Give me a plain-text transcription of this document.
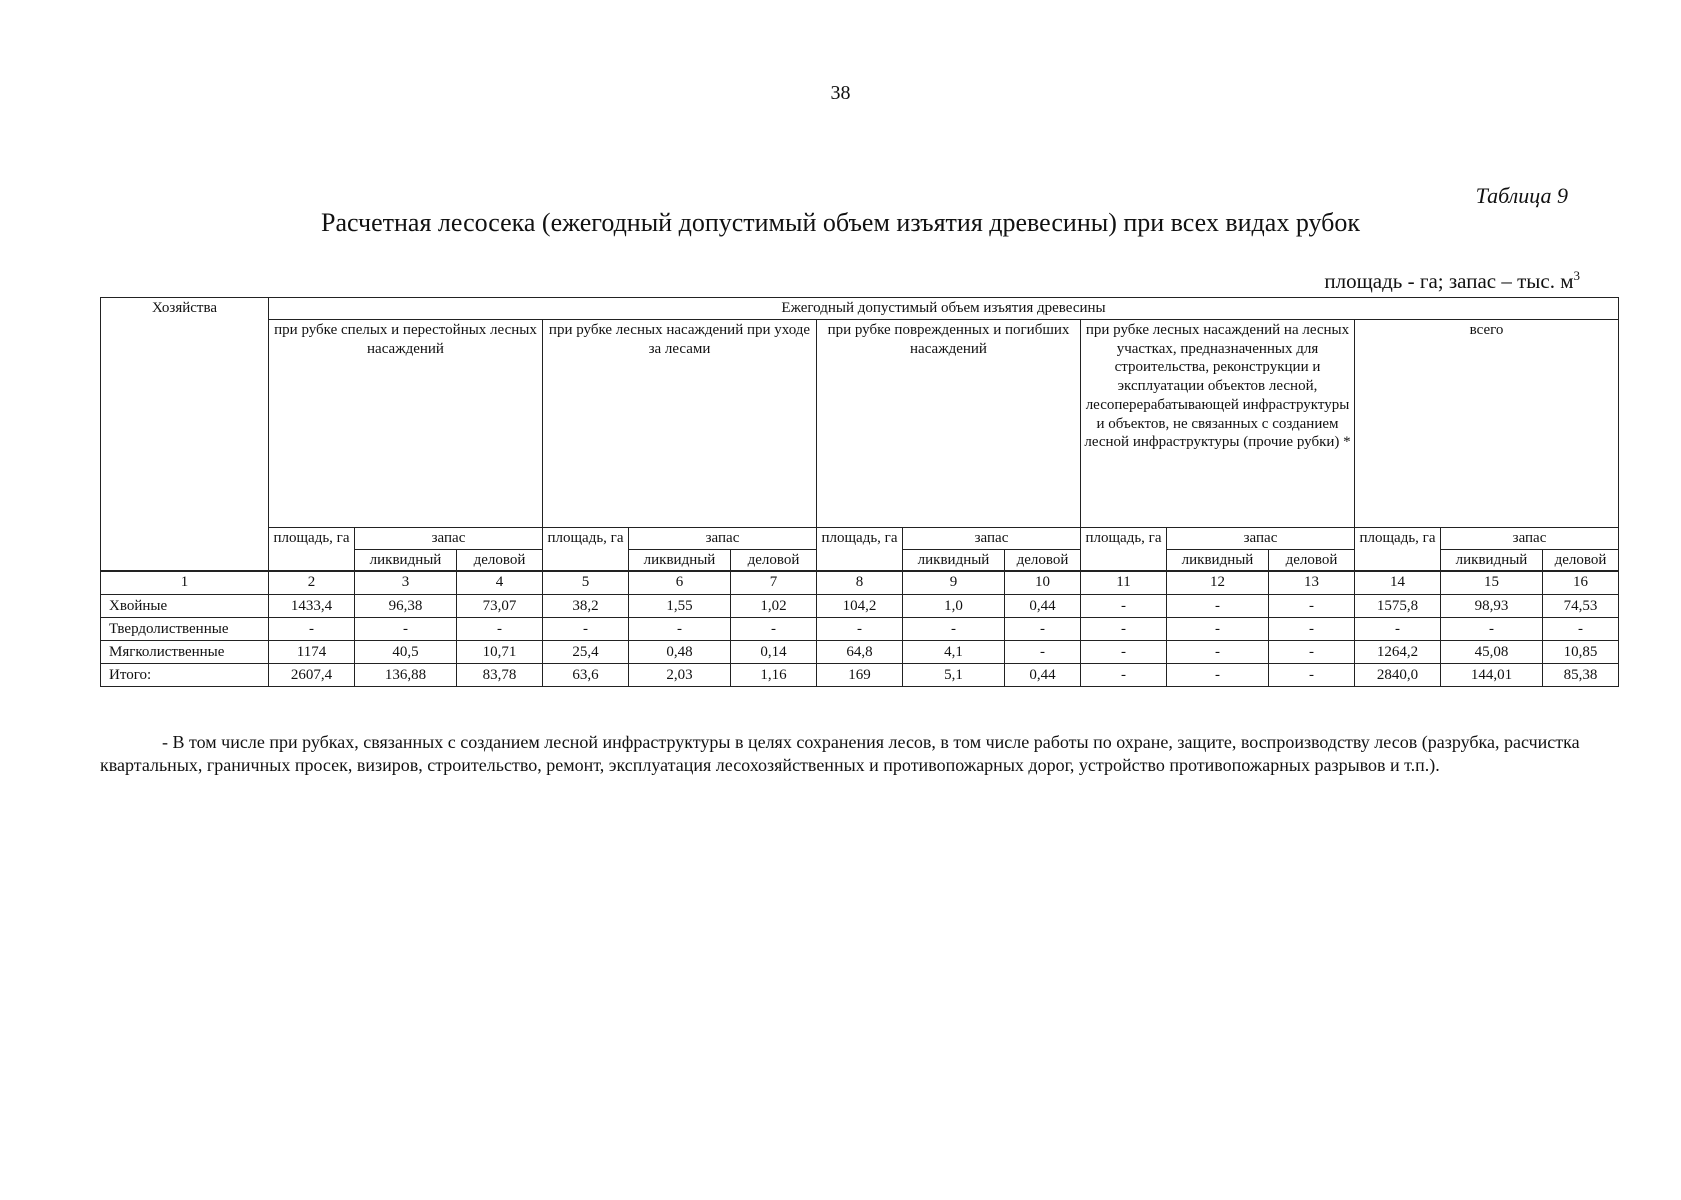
38
Таблица 9
Расчетная лесосека (ежегодный допустимый объем изъятия древесины) при всех видах рубок
площадь - га; запас – тыс. $м^3$
Хозяйства	Ежегодный допустимый объем изъятия древесины														
	при рубке спелых и перестойных лесных насаждений			при рубке лесных насаждений при уходе за лесами			при рубке поврежденных и погибших насаждений			при рубке лесных насаждений на лесных участках, предназначенных для строительства, реконструкции и эксплуатации объектов лесной, лесоперерабатывающей инфраструктуры и объектов, не связанных с созданием лесной инфраструктуры (прочие рубки) *			всего		
	площадь, га	запас		площадь, га	запас		площадь, га	запас		площадь, га	запас		площадь, га	запас	
		ликвидный	деловой		ликвидный	деловой		ликвидный	деловой		ликвидный	деловой		ликвидный	деловой

1	2	3	4	5	6	7	8	9	10	11	12	13	14	15	16
Хвойные	1433,4	96,38	73,07	38,2	1,55	1,02	104,2	1,0	0,44	-	-	-	1575,8	98,93	74,53
Твердолиственные	-	-	-	-	-	-	-	-	-	-	-	-	-	-	-
Мягколиственные	1174	40,5	10,71	25,4	0,48	0,14	64,8	4,1	-	-	-	-	1264,2	45,08	10,85
Итого:	2607,4	136,88	83,78	63,6	2,03	1,16	169	5,1	0,44	-	-	-	2840,0	144,01	85,38

- В том числе при рубках, связанных с созданием лесной инфраструктуры в целях сохранения лесов, в том числе работы по охране, защите, воспроизводству лесов (разрубка, расчистка квартальных, граничных просек, визиров, строительство, ремонт, эксплуатация лесохозяйственных и противопожарных дорог, устройство противопожарных разрывов и т.п.).
